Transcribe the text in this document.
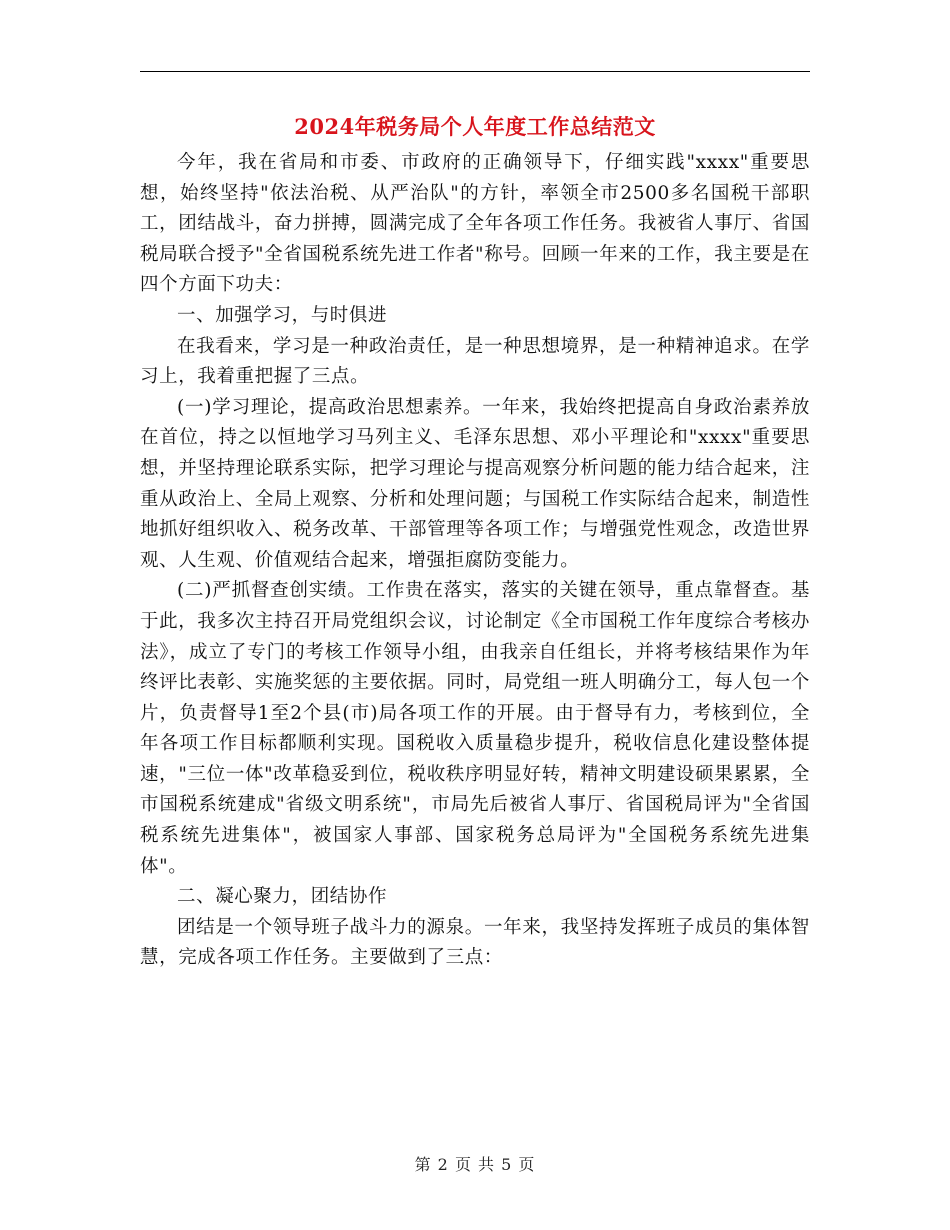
2024年税务局个人年度工作总结范文

今年，我在省局和市委、市政府的正确领导下，仔细实践"xxxx"重要思想，始终坚持"依法治税、从严治队"的方针，率领全市2500多名国税干部职工，团结战斗，奋力拼搏，圆满完成了全年各项工作任务。我被省人事厅、省国税局联合授予"全省国税系统先进工作者"称号。回顾一年来的工作，我主要是在四个方面下功夫：

一、加强学习，与时俱进

在我看来，学习是一种政治责任，是一种思想境界，是一种精神追求。在学习上，我着重把握了三点。

(一)学习理论，提高政治思想素养。一年来，我始终把提高自身政治素养放在首位，持之以恒地学习马列主义、毛泽东思想、邓小平理论和"xxxx"重要思想，并坚持理论联系实际，把学习理论与提高观察分析问题的能力结合起来，注重从政治上、全局上观察、分析和处理问题；与国税工作实际结合起来，制造性地抓好组织收入、税务改革、干部管理等各项工作；与增强党性观念，改造世界观、人生观、价值观结合起来，增强拒腐防变能力。

(二)严抓督查创实绩。工作贵在落实，落实的关键在领导，重点靠督查。基于此，我多次主持召开局党组织会议，讨论制定《全市国税工作年度综合考核办法》，成立了专门的考核工作领导小组，由我亲自任组长，并将考核结果作为年终评比表彰、实施奖惩的主要依据。同时，局党组一班人明确分工，每人包一个片，负责督导1至2个县(市)局各项工作的开展。由于督导有力，考核到位，全年各项工作目标都顺利实现。国税收入质量稳步提升，税收信息化建设整体提速，"三位一体"改革稳妥到位，税收秩序明显好转，精神文明建设硕果累累，全市国税系统建成"省级文明系统"，市局先后被省人事厅、省国税局评为"全省国税系统先进集体"，被国家人事部、国家税务总局评为"全国税务系统先进集体"。

二、凝心聚力，团结协作

团结是一个领导班子战斗力的源泉。一年来，我坚持发挥班子成员的集体智慧，完成各项工作任务。主要做到了三点：

第 2 页 共 5 页
